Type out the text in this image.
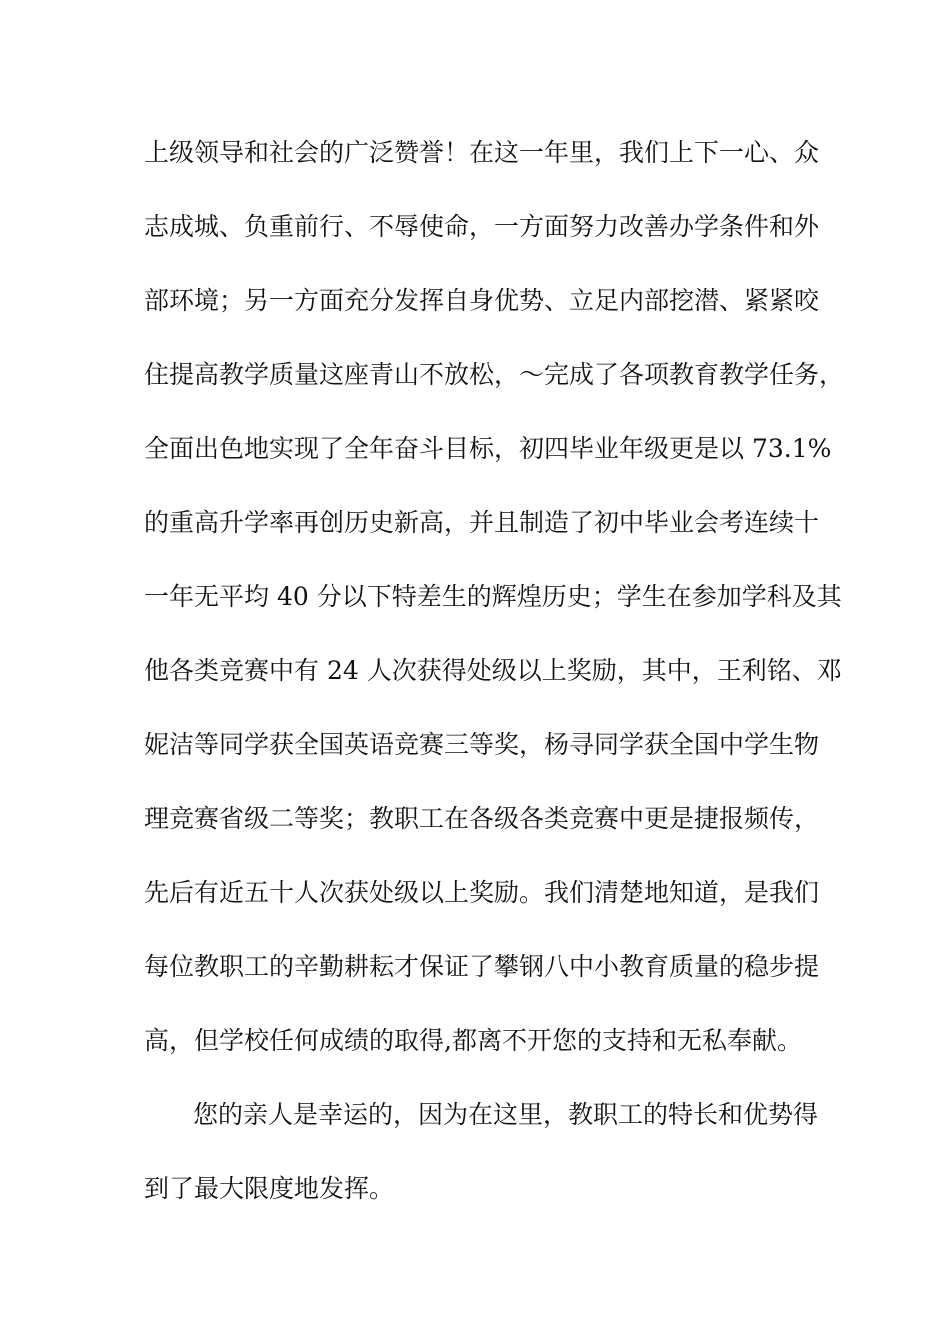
上级领导和社会的广泛赞誉！在这一年里，我们上下一心、众
志成城、负重前行、不辱使命，一方面努力改善办学条件和外
部环境；另一方面充分发挥自身优势、立足内部挖潜、紧紧咬
住提高教学质量这座青山不放松，～完成了各项教育教学任务，
全面出色地实现了全年奋斗目标，初四毕业年级更是以 73.1%
的重高升学率再创历史新高，并且制造了初中毕业会考连续十
一年无平均 40 分以下特差生的辉煌历史；学生在参加学科及其
他各类竞赛中有 24 人次获得处级以上奖励，其中，王利铭、邓
妮洁等同学获全国英语竞赛三等奖，杨寻同学获全国中学生物
理竞赛省级二等奖；教职工在各级各类竞赛中更是捷报频传，
先后有近五十人次获处级以上奖励。我们清楚地知道，是我们
每位教职工的辛勤耕耘才保证了攀钢八中小教育质量的稳步提
高，但学校任何成绩的取得,都离不开您的支持和无私奉献。
您的亲人是幸运的，因为在这里，教职工的特长和优势得
到了最大限度地发挥。
